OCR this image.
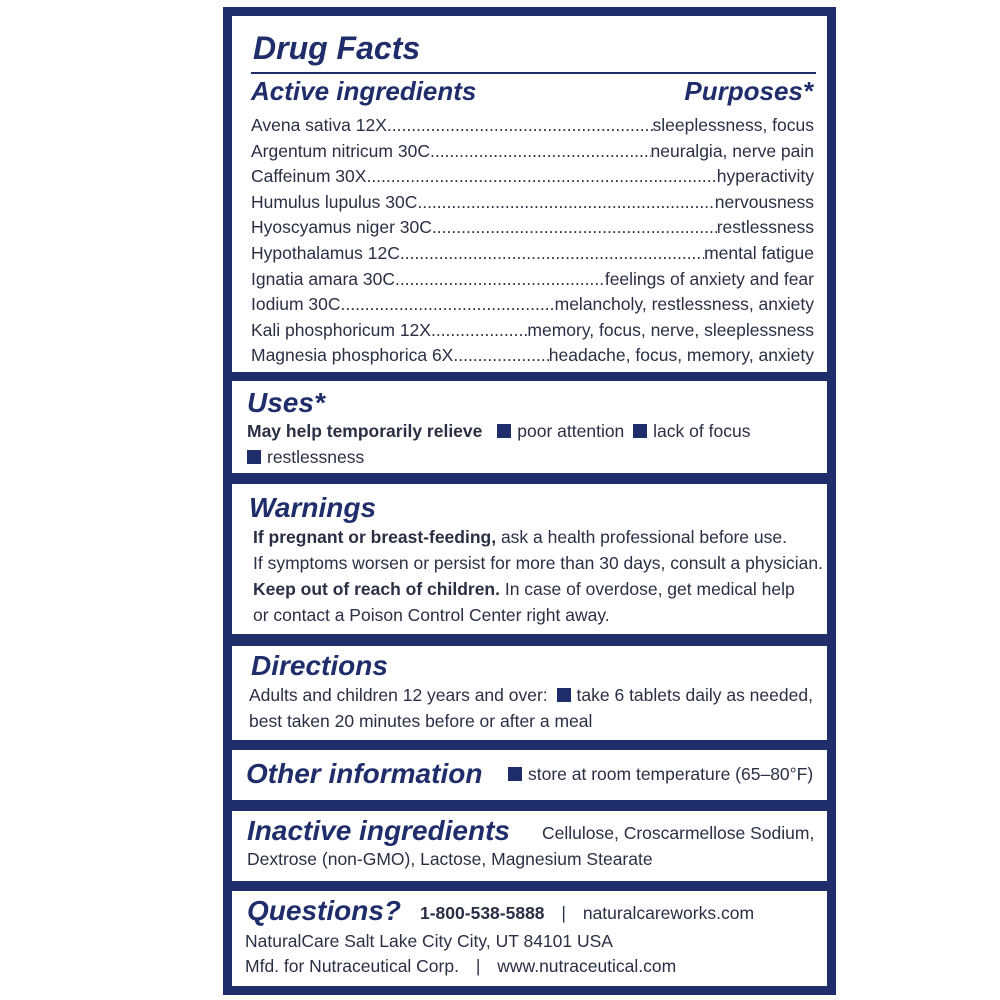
Drug Facts
Active ingredients	Purposes*
Avena sativa 12X .....	sleeplessness, focus
Argentum nitricum 30C .....	neuralgia, nerve pain
Caffeinum 30X .....	hyperactivity
Humulus lupulus 30C .....	nervousness
Hyoscyamus niger 30C .....	restlessness
Hypothalamus 12C .....	mental fatigue
Ignatia amara 30C .....	feelings of anxiety and fear
Iodium 30C .....	melancholy, restlessness, anxiety
Kali phosphoricum 12X .....	memory, focus, nerve, sleeplessness
Magnesia phosphorica 6X .....	headache, focus, memory, anxiety
Uses*
May help temporarily relieve poor attention lack of focus
restlessness
Warnings
If pregnant or breast-feeding, ask a health professional before use.
If symptoms worsen or persist for more than 30 days, consult a physician.
Keep out of reach of children. In case of overdose, get medical help
or contact a Poison Control Center right away.
Directions
Adults and children 12 years and over: take 6 tablets daily as needed,
best taken 20 minutes before or after a meal
Other information	store at room temperature (65–80°F)
Inactive ingredients Cellulose, Croscarmellose Sodium,
Dextrose (non-GMO), Lactose, Magnesium Stearate
Questions? 1-800-538-5888 | naturalcareworks.com
NaturalCare Salt Lake City City, UT 84101 USA
Mfd. for Nutraceutical Corp. | www.nutraceutical.com
